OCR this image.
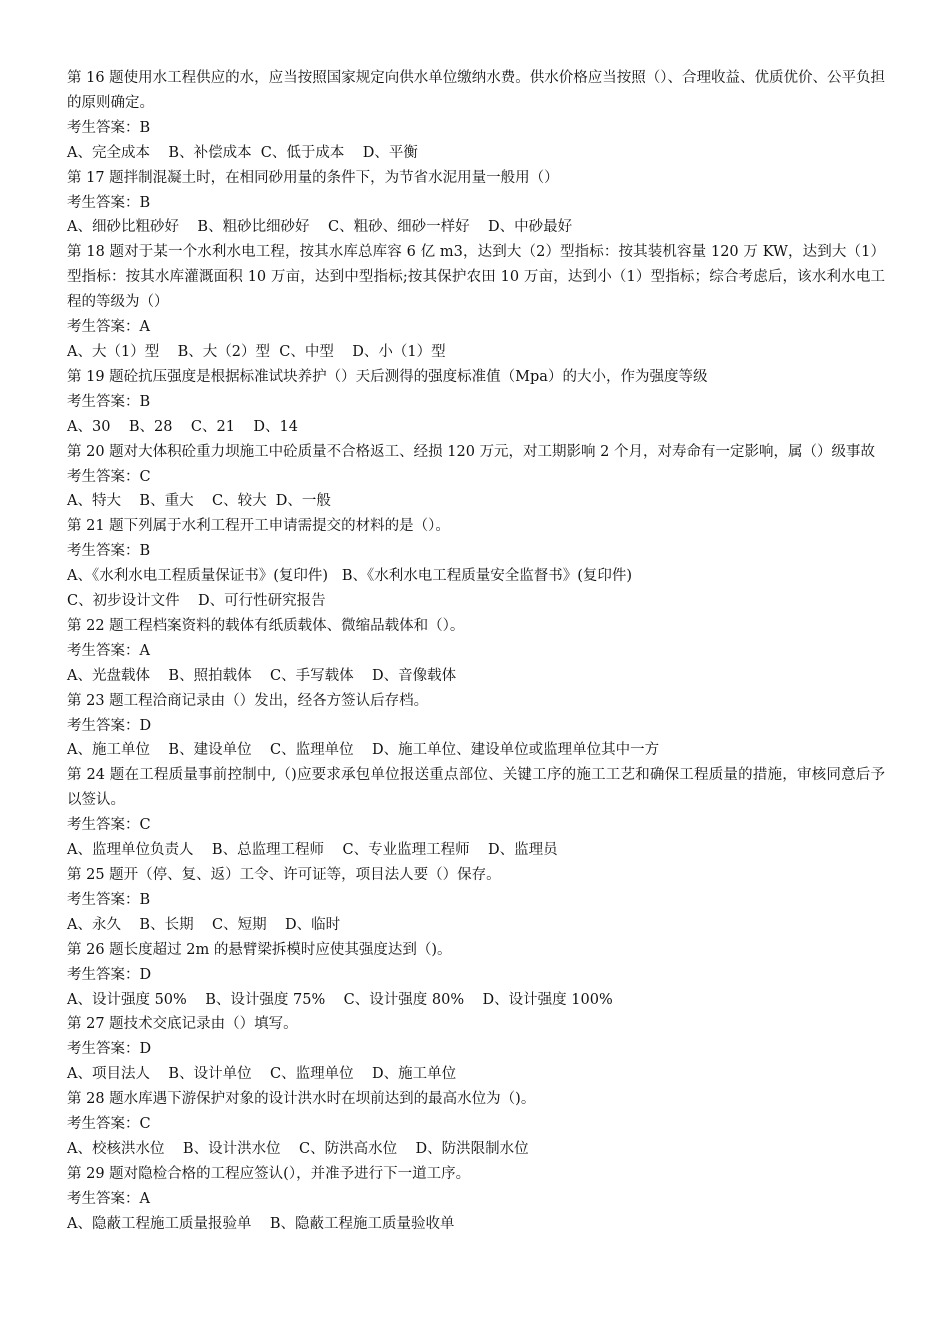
第 16 题使用水工程供应的水，应当按照国家规定向供水单位缴纳水费。供水价格应当按照（）、合理收益、优质优价、公平负担的原则确定。

考生答案：B

A、完全成本    B、补偿成本  C、低于成本    D、平衡

第 17 题拌制混凝土时，在相同砂用量的条件下，为节省水泥用量一般用（）

考生答案：B

A、细砂比粗砂好    B、粗砂比细砂好    C、粗砂、细砂一样好    D、中砂最好

第 18 题对于某一个水利水电工程，按其水库总库容 6 亿 m3，达到大（2）型指标：按其装机容量 120 万 KW，达到大（1）型指标：按其水库灌溉面积 10 万亩，达到中型指标;按其保护农田 10 万亩，达到小（1）型指标；综合考虑后，该水利水电工程的等级为（）

考生答案：A

A、大（1）型    B、大（2）型  C、中型    D、小（1）型

第 19 题砼抗压强度是根据标准试块养护（）天后测得的强度标准值（Mpa）的大小，作为强度等级

考生答案：B

A、30    B、28    C、21    D、14

第 20 题对大体积砼重力坝施工中砼质量不合格返工、经损 120 万元，对工期影响 2 个月，对寿命有一定影响，属（）级事故

考生答案：C

A、特大    B、重大    C、较大  D、一般

第 21 题下列属于水利工程开工申请需提交的材料的是（）。

考生答案：B

A、《水利水电工程质量保证书》(复印件)   B、《水利水电工程质量安全监督书》(复印件)

C、初步设计文件    D、可行性研究报告

第 22 题工程档案资料的载体有纸质载体、微缩品载体和（）。

考生答案：A

A、光盘载体    B、照拍载体    C、手写载体    D、音像载体

第 23 题工程洽商记录由（）发出，经各方签认后存档。

考生答案：D

A、施工单位    B、建设单位    C、监理单位    D、施工单位、建设单位或监理单位其中一方

第 24 题在工程质量事前控制中,（)应要求承包单位报送重点部位、关键工序的施工工艺和确保工程质量的措施，审核同意后予以签认。

考生答案：C

A、监理单位负责人    B、总监理工程师    C、专业监理工程师    D、监理员

第 25 题开（停、复、返）工令、许可证等，项目法人要（）保存。

考生答案：B

A、永久    B、长期    C、短期    D、临时

第 26 题长度超过 2m 的悬臂梁拆模时应使其强度达到（)。

考生答案：D

A、设计强度 50%    B、设计强度 75%    C、设计强度 80%    D、设计强度 100%

第 27 题技术交底记录由（）填写。

考生答案：D

A、项目法人    B、设计单位    C、监理单位    D、施工单位

第 28 题水库遇下游保护对象的设计洪水时在坝前达到的最高水位为（)。

考生答案：C

A、校核洪水位    B、设计洪水位    C、防洪高水位    D、防洪限制水位

第 29 题对隐检合格的工程应签认(），并准予进行下一道工序。

考生答案：A

A、隐蔽工程施工质量报验单    B、隐蔽工程施工质量验收单
